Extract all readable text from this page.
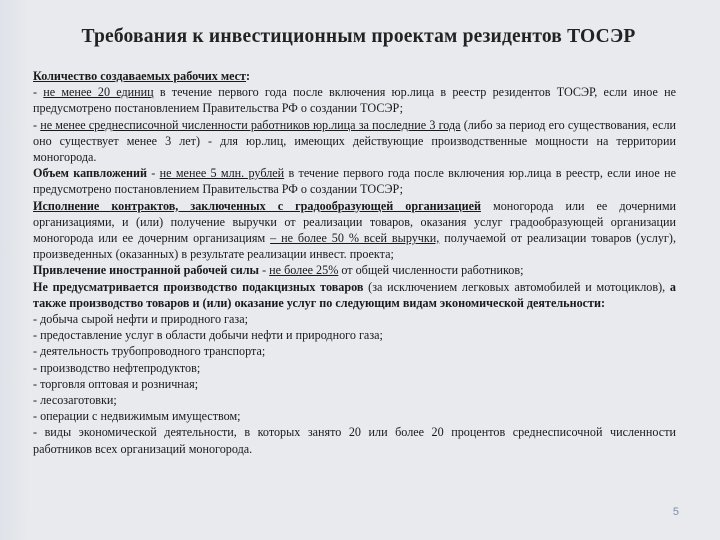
Требования к инвестиционным проектам резидентов ТОСЭР

Количество создаваемых рабочих мест:

- не менее 20 единиц в течение первого года после включения юр.лица в реестр резидентов ТОСЭР, если иное не предусмотрено постановлением Правительства РФ о создании ТОСЭР;

- не менее среднесписочной численности работников юр.лица за последние 3 года (либо за период его существования, если оно существует менее 3 лет) - для юр.лиц, имеющих действующие производственные мощности на территории моногорода.

Объем капвложений - не менее 5 млн. рублей в течение первого года после включения юр.лица в реестр, если иное не предусмотрено постановлением Правительства РФ о создании ТОСЭР;

Исполнение контрактов, заключенных с градообразующей организацией моногорода или ее дочерними организациями, и (или) получение выручки от реализации товаров, оказания услуг градообразующей организации моногорода или ее дочерним организациям – не более 50 % всей выручки, получаемой от реализации товаров (услуг), произведенных (оказанных) в результате реализации инвест. проекта;

Привлечение иностранной рабочей силы - не более 25% от общей численности работников;

Не предусматривается производство подакцизных товаров (за исключением легковых автомобилей и мотоциклов), а также производство товаров и (или) оказание услуг по следующим видам экономической деятельности:

- добыча сырой нефти и природного газа;

- предоставление услуг в области добычи нефти и природного газа;

- деятельность трубопроводного транспорта;

- производство нефтепродуктов;

- торговля оптовая и розничная;

- лесозаготовки;

- операции с недвижимым имуществом;

- виды экономической деятельности, в которых занято 20 или более 20 процентов среднесписочной численности работников всех организаций моногорода.

5
